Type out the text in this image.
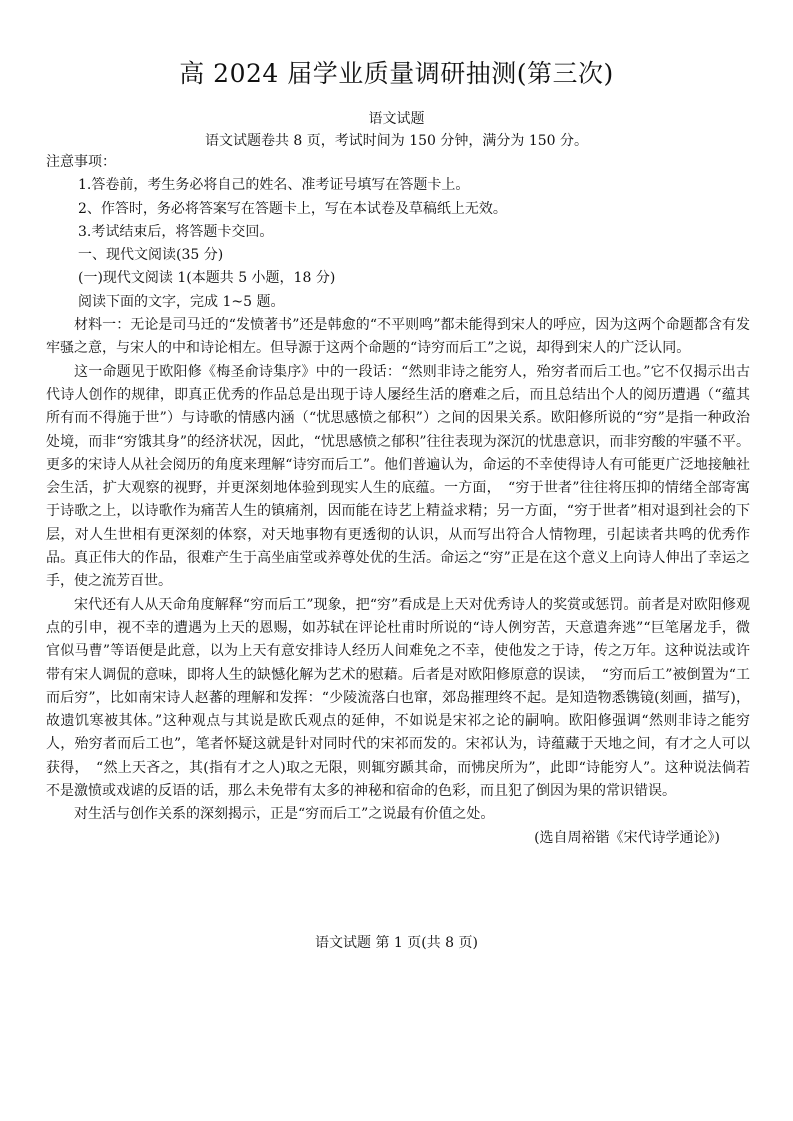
高 2024 届学业质量调研抽测(第三次)
语文试题
语文试题卷共 8 页，考试时间为 150 分钟，满分为 150 分。

注意事项：

1.答卷前，考生务必将自己的姓名、准考证号填写在答题卡上。

2、作答时，务必将答案写在答题卡上，写在本试卷及草稿纸上无效。

3.考试结束后，将答题卡交回。

一、现代文阅读(35 分)

(一)现代文阅读 1(本题共 5 小题，18 分)

阅读下面的文字，完成 1~5 题。

材料一：无论是司马迁的“发愤著书”还是韩愈的“不平则鸣”都未能得到宋人的呼应，因为这两个命题都含有发牢骚之意，与宋人的中和诗论相左。但导源于这两个命题的“诗穷而后工”之说，却得到宋人的广泛认同。

这一命题见于欧阳修《梅圣俞诗集序》中的一段话：“然则非诗之能穷人，殆穷者而后工也。”它不仅揭示出古代诗人创作的规律，即真正优秀的作品总是出现于诗人屡经生活的磨难之后，而且总结出个人的阅历遭遇（“蕴其所有而不得施于世”）与诗歌的情感内涵（“忧思感愤之郁积”）之间的因果关系。欧阳修所说的“穷”是指一种政治处境，而非“穷饿其身”的经济状况，因此，“忧思感愤之郁积”往往表现为深沉的忧患意识，而非穷酸的牢骚不平。更多的宋诗人从社会阅历的角度来理解“诗穷而后工”。他们普遍认为，命运的不幸使得诗人有可能更广泛地接触社会生活，扩大观察的视野，并更深刻地体验到现实人生的底蕴。一方面，　“穷于世者”往往将压抑的情绪全部寄寓于诗歌之上，以诗歌作为痛苦人生的镇痛剂，因而能在诗艺上精益求精；另一方面，“穷于世者”相对退到社会的下层，对人生世相有更深刻的体察，对天地事物有更透彻的认识，从而写出符合人情物理，引起读者共鸣的优秀作品。真正伟大的作品，很难产生于高坐庙堂或养尊处优的生活。命运之“穷”正是在这个意义上向诗人伸出了幸运之手，使之流芳百世。

宋代还有人从天命角度解释“穷而后工”现象，把“穷”看成是上天对优秀诗人的奖赏或惩罚。前者是对欧阳修观点的引申，视不幸的遭遇为上天的恩赐，如苏轼在评论杜甫时所说的“诗人例穷苦，天意遣奔逃”“巨笔屠龙手，微官似马曹”等语便是此意，以为上天有意安排诗人经历人间难免之不幸，使他发之于诗，传之万年。这种说法或许带有宋人调侃的意味，即将人生的缺憾化解为艺术的慰藉。后者是对欧阳修原意的误读，　“穷而后工”被倒置为“工而后穷”，比如南宋诗人赵蕃的理解和发挥：“少陵流落白也窜，郊岛摧理终不起。是知造物悉镌镜(刻画，描写)，故遗饥寒被其体。”这种观点与其说是欧氏观点的延伸，不如说是宋祁之论的嗣响。欧阳修强调“然则非诗之能穷人，殆穷者而后工也”，笔者怀疑这就是针对同时代的宋祁而发的。宋祁认为，诗蕴藏于天地之间，有才之人可以获得，　“然上天吝之，其(指有才之人)取之无限，则辄穷踬其命，而怫戾所为”，此即“诗能穷人”。这种说法倘若不是激愤或戏谑的反语的话，那么未免带有太多的神秘和宿命的色彩，而且犯了倒因为果的常识错误。

对生活与创作关系的深刻揭示，正是“穷而后工”之说最有价值之处。

(选自周裕锴《宋代诗学通论》)

语文试题 第 1 页(共 8 页)
